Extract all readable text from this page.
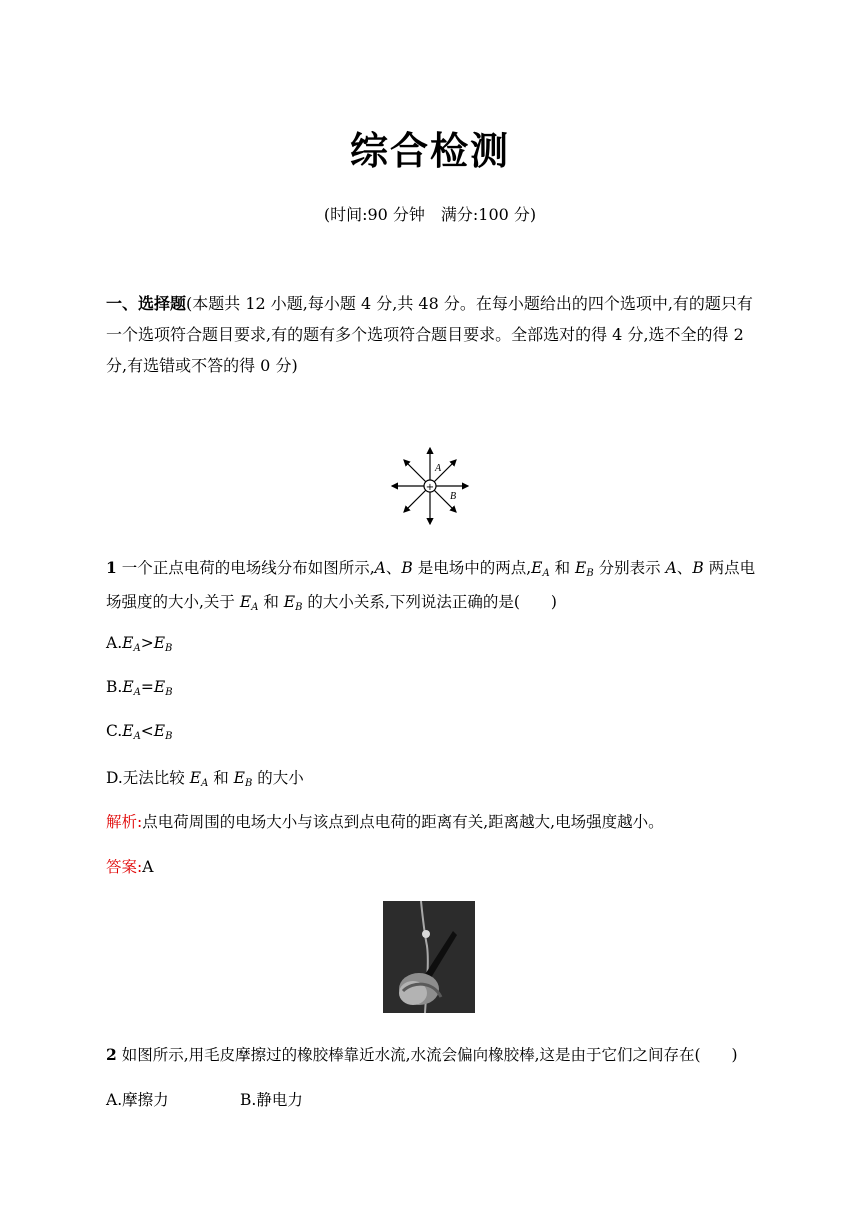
综合检测
(时间:90 分钟　满分:100 分)
一、选择题(本题共 12 小题,每小题 4 分,共 48 分。在每小题给出的四个选项中,有的题只有一个选项符合题目要求,有的题有多个选项符合题目要求。全部选对的得 4 分,选不全的得 2 分,有选错或不答的得 0 分)
+
A
B
1 一个正点电荷的电场线分布如图所示,A、B 是电场中的两点$,E_A$ 和 $E_B$ 分别表示 A、B 两点电场强度的大小,关于 $E_A$ 和 $E_B$ 的大小关系,下列说法正确的是(　　)
$A.E_A>E_B$
$B.E_A=E_B$
$C.E_A<E_B$
D.无法比较 $E_A$ 和 $E_B$ 的大小
解析:点电荷周围的电场大小与该点到点电荷的距离有关,距离越大,电场强度越小。
答案:A
2 如图所示,用毛皮摩擦过的橡胶棒靠近水流,水流会偏向橡胶棒,这是由于它们之间存在(　　)
A.摩擦力	B.静电力
